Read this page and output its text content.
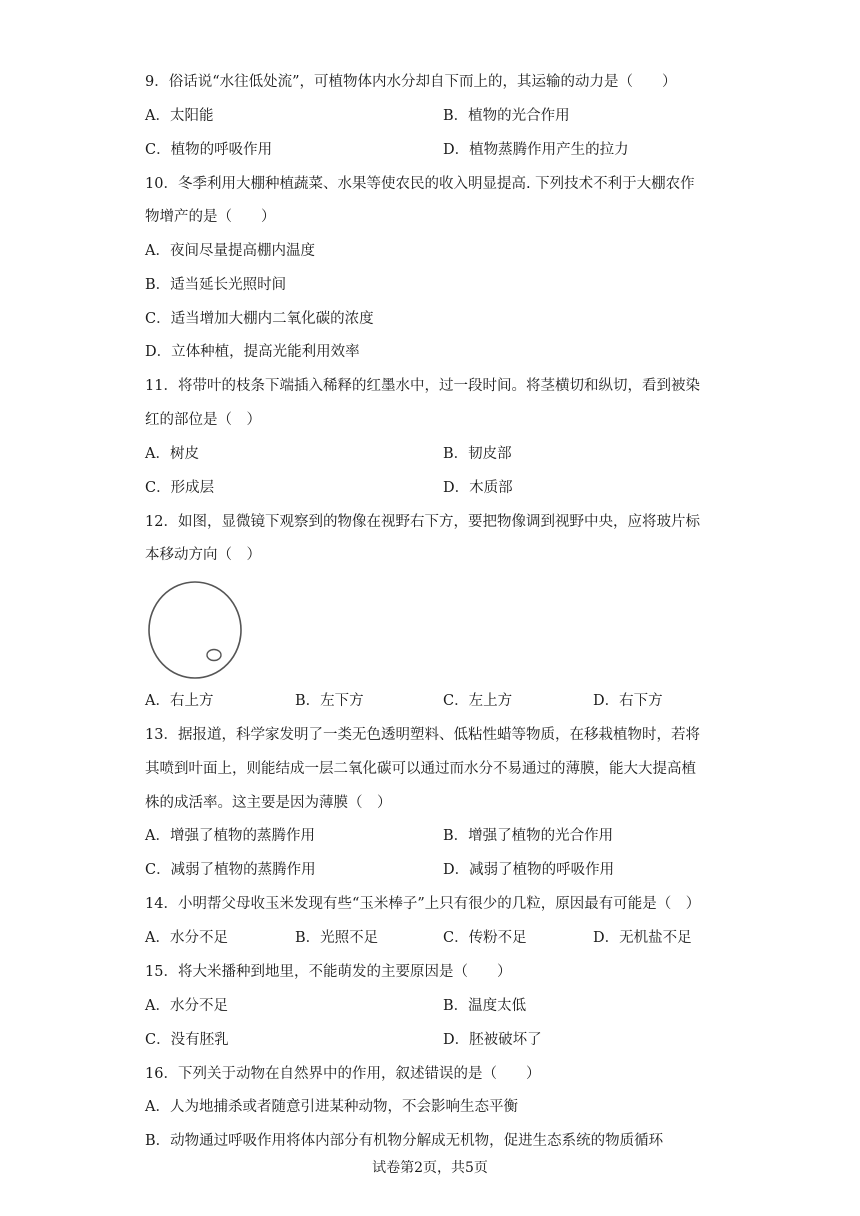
9．俗话说“水往低处流”，可植物体内水分却自下而上的，其运输的动力是（　　）
A．太阳能	B．植物的光合作用
C．植物的呼吸作用	D．植物蒸腾作用产生的拉力
10．冬季利用大棚种植蔬菜、水果等使农民的收入明显提高. 下列技术不利于大棚农作
物增产的是（　　）
A．夜间尽量提高棚内温度
B．适当延长光照时间
C．适当增加大棚内二氧化碳的浓度
D．立体种植，提高光能利用效率
11．将带叶的枝条下端插入稀释的红墨水中，过一段时间。将茎横切和纵切，看到被染
红的部位是（　）
A．树皮	B．韧皮部
C．形成层	D．木质部
12．如图，显微镜下观察到的物像在视野右下方，要把物像调到视野中央，应将玻片标
本移动方向（　）
A．右上方	B．左下方	C．左上方	D．右下方
13．据报道，科学家发明了一类无色透明塑料、低粘性蜡等物质，在移栽植物时，若将
其喷到叶面上，则能结成一层二氧化碳可以通过而水分不易通过的薄膜，能大大提高植
株的成活率。这主要是因为薄膜（　）
A．增强了植物的蒸腾作用	B．增强了植物的光合作用
C．减弱了植物的蒸腾作用	D．减弱了植物的呼吸作用
14．小明帮父母收玉米发现有些“玉米棒子”上只有很少的几粒，原因最有可能是（　）
A．水分不足	B．光照不足	C．传粉不足	D．无机盐不足
15．将大米播种到地里，不能萌发的主要原因是（　　）
A．水分不足	B．温度太低
C．没有胚乳	D．胚被破坏了
16．下列关于动物在自然界中的作用，叙述错误的是（　　）
A．人为地捕杀或者随意引进某种动物，不会影响生态平衡
B．动物通过呼吸作用将体内部分有机物分解成无机物，促进生态系统的物质循环
试卷第2页，共5页
